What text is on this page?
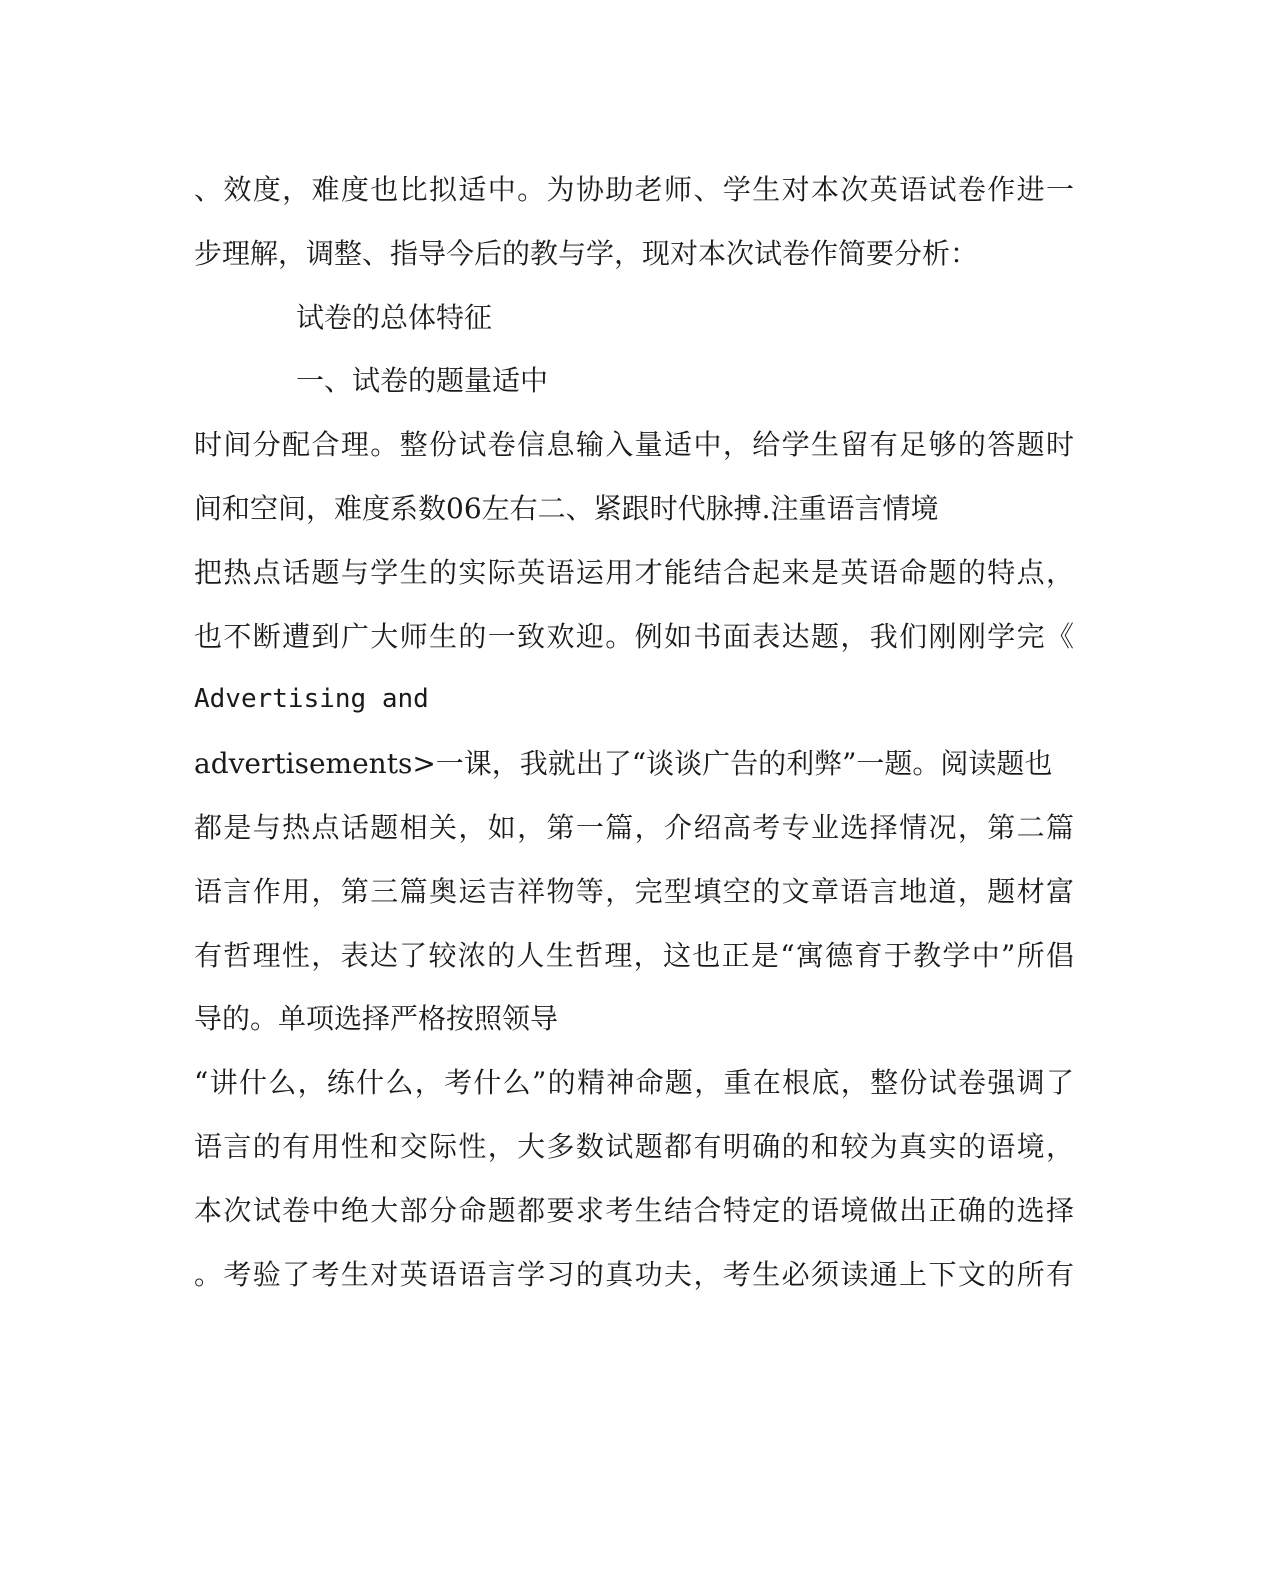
、效度，难度也比拟适中。为协助老师、学生对本次英语试卷作进一
步理解，调整、指导今后的教与学，现对本次试卷作简要分析：
试卷的总体特征
一、试卷的题量适中
时间分配合理。整份试卷信息输入量适中，给学生留有足够的答题时
间和空间，难度系数06左右二、紧跟时代脉搏.注重语言情境
把热点话题与学生的实际英语运用才能结合起来是英语命题的特点，
也不断遭到广大师生的一致欢迎。例如书面表达题，我们刚刚学完《
Advertising and
advertisements>一课，我就出了“谈谈广告的利弊”一题。阅读题也
都是与热点话题相关，如，第一篇，介绍高考专业选择情况，第二篇
语言作用，第三篇奥运吉祥物等，完型填空的文章语言地道，题材富
有哲理性，表达了较浓的人生哲理，这也正是“寓德育于教学中”所倡
导的。单项选择严格按照领导
“讲什么，练什么，考什么”的精神命题，重在根底，整份试卷强调了
语言的有用性和交际性，大多数试题都有明确的和较为真实的语境，
本次试卷中绝大部分命题都要求考生结合特定的语境做出正确的选择
。考验了考生对英语语言学习的真功夫，考生必须读通上下文的所有
